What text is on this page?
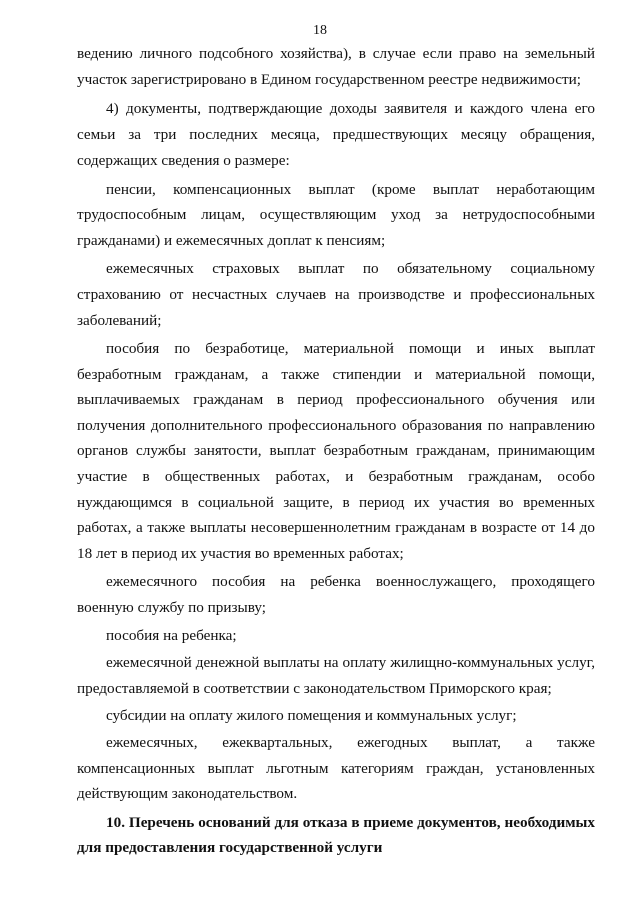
18
ведению личного подсобного хозяйства), в случае если право на земельный
участок зарегистрировано в Едином государственном реестре недвижимости;
4) документы, подтверждающие доходы заявителя и каждого члена его
семьи за три последних месяца, предшествующих месяцу обращения,
содержащих сведения о размере:
пенсии, компенсационных выплат (кроме выплат неработающим
трудоспособным лицам, осуществляющим уход за нетрудоспособными
гражданами) и ежемесячных доплат к пенсиям;
ежемесячных страховых выплат по обязательному социальному
страхованию от несчастных случаев на производстве и профессиональных
заболеваний;
пособия по безработице, материальной помощи и иных выплат
безработным гражданам, а также стипендии и материальной помощи,
выплачиваемых гражданам в период профессионального обучения или
получения дополнительного профессионального образования по направлению
органов службы занятости, выплат безработным гражданам, принимающим
участие в общественных работах, и безработным гражданам, особо
нуждающимся в социальной защите, в период их участия во временных
работах, а также выплаты несовершеннолетним гражданам в возрасте от 14 до
18 лет в период их участия во временных работах;
ежемесячного пособия на ребенка военнослужащего, проходящего
военную службу по призыву;
пособия на ребенка;
ежемесячной денежной выплаты на оплату жилищно-коммунальных услуг,
предоставляемой в соответствии с законодательством Приморского края;
субсидии на оплату жилого помещения и коммунальных услуг;
ежемесячных, ежеквартальных, ежегодных выплат, а также
компенсационных выплат льготным категориям граждан, установленных
действующим законодательством.
10. Перечень оснований для отказа в приеме документов, необходимых
для предоставления государственной услуги
